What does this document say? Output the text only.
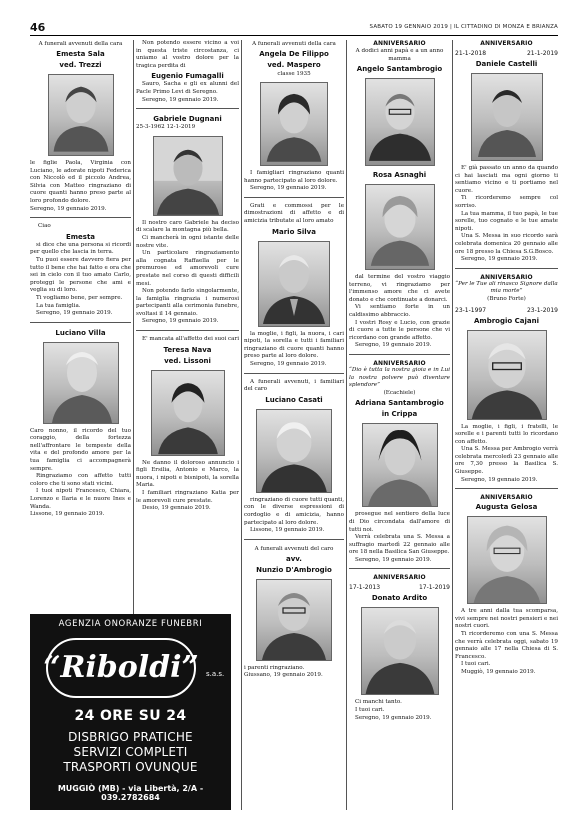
46	SABATO 19 GENNAIO 2019 | IL CITTADINO DI MONZA E BRIANZA
A funerali avvenuti della cara
Emesta Sala
ved. Trezzi

le figlie Paola, Virginia con Luciano, le adorate nipoti Federica con Niccolò ed il piccolo Andrea, Silvia con Matteo ringraziano di cuore quanti hanno preso parte al loro profondo dolore.

Seregno, 19 gennaio 2019.

Ciao

Emesta

si dice che una persona si ricordi per quello che lascia in terra.

Tu puoi essere davvero fiera per tutto il bene che hai fatto e ora che sei in cielo con il tuo amato Carlo, proteggi le persone che ami e veglia su di loro.

Ti vogliamo bene, per sempre.

La tua famiglia.

Seregno, 19 gennaio 2019.

Luciano Villa

Caro nonno, il ricordo del tuo coraggio, della fortezza nell'affrontare le tempeste della vita e del profondo amore per la tua famiglia ci accompagnerà sempre.

Ringraziamo con affetto tutti coloro che ti sono stati vicini.

I tuoi nipoti Francesco, Chiara, Lorenzo e Ilaria e le nuore Ines e Wanda.

Lissone, 19 gennaio 2019.

Non potendo essere vicino a voi in questa triste circostanza, ci uniamo al vostro dolore per la tragica perdita di

Eugenio Fumagalli

Sauro, Sacha e gli ex alunni del Pacle Primo Levi di Seregno.

Seregno, 19 gennaio 2019.

Gabriele Dugnani
25-3-1962 12-1-2019

Il nostro caro Gabriele ha deciso di scalare la montagna più bella.

Ci mancherà in ogni istante delle nostre vite.

Un particolare ringraziamento alla cognata Raffaella per le premurose ed amorevoli cure prestate nel corso di questi difficili mesi.

Non potendo farlo singolarmente, la famiglia ringrazia i numerosi partecipanti alla cerimonia funebre, svoltasi il 14 gennaio.

Seregno, 19 gennaio 2019.

E' mancata all'affetto dei suoi cari

Teresa Nava
ved. Lissoni

Ne danno il doloroso annuncio i figli Ersilia, Antonio e Marco, la nuora, i nipoti e bisnipoti, la sorella Maria.

I familiari ringraziano Katia per le amorevoli cure prestate.

Desio, 19 gennaio 2019.

A funerali avvenuti della cara
Angela De Filippo
ved. Maspero
classe 1935

I famigliari ringraziano quanti hanno partecipato al loro dolore.

Seregno, 19 gennaio 2019.

Grati e commossi per le dimostrazioni di affetto e di amicizia tributate al loro amato

Mario Silva

la moglie, i figli, la nuora, i cari nipoti, la sorella e tutti i familiari ringraziano di cuore quanti hanno preso parte al loro dolore.

Seregno, 19 gennaio 2019.

A funerali avvenuti, i familiari del caro

Luciano Casati

ringraziano di cuore tutti quanti, con le diverse espressioni di cordoglio e di amicizia, hanno partecipato al loro dolore.

Lissone, 19 gennaio 2019.

A funerali avvenuti del caro
avv.
Nunzio D'Ambrogio

i parenti ringraziano.

Giussano, 19 gennaio 2019.

ANNIVERSARIO
A dodici anni papà e a un anno mamma
Angelo Santambrogio
Rosa Asnaghi

dal termine del vostro viaggio terreno, vi ringraziamo per l'immenso amore che ci avete donato e che continuate a donarci.

Vi sentiamo forte in un caldissimo abbraccio.

I vostri Rosy e Lucio, con grazie di cuore a tutte le persone che vi ricordano con grande affetto.

Seregno, 19 gennaio 2019.

ANNIVERSARIO

“Dio è tutta la nostra gioia e in Lui la nostra polvere può diventare splendore”

(Ecachiele)

Adriana Santambrogio
in Crippa

prosegue nel sentiero della luce di Dio circondata dall'amore di tutti noi.

Verrà celebrata una S. Messa a suffragio martedì 22 gennaio alle ore 18 nella Basilica San Giuseppe.

Seregno, 19 gennaio 2019.

ANNIVERSARIO
17-1-2013	17-1-2019
Donato Ardito

Ci manchi tanto.

I tuoi cari.

Seregno, 19 gennaio 2019.

ANNIVERSARIO
21-1-2018	21-1-2019
Daniele Castelli

E' già passato un anno da quando ci hai lasciati ma ogni giorno ti sentiamo vicino e ti portiamo nel cuore.

Ti ricorderemo sempre col sorriso.

La tua mamma, il tuo papà, le tue sorelle, tuo cognato e le tue amate nipoti.

Una S. Messa in suo ricordo sarà celebrata domenica 20 gennaio alle ore 18 presso la Chiesa S.G.Bosco.

Seregno, 19 gennaio 2019.

ANNIVERSARIO

“Per le Tue ali rinasco Signore dalla mia morte”

(Bruno Forte)

23-1-1997	23-1-2019
Ambrogio Cajani

La moglie, i figli, i fratelli, le sorelle e i parenti tutti lo ricordano con affetto.

Una S. Messa per Ambrogio verrà celebrata mercoledì 23 gennaio alle ore 7,30 presso la Basilica S. Giuseppe.

Seregno, 19 gennaio 2019.

ANNIVERSARIO
Augusta Gelosa

A tre anni dalla tua scomparsa, vivi sempre nei nostri pensieri e nei nostri cuori.

Ti ricorderemo con una S. Messa che verrà celebrata oggi, sabato 19 gennaio alle 17 nella Chiesa di S. Francesco.

I tuoi cari.

Muggiò, 19 gennaio 2019.

AGENZIA ONORANZE FUNEBRI
“Riboldi” s.a.s.
24 ORE SU 24
DISBRIGO PRATICHE
SERVIZI COMPLETI
TRASPORTI OVUNQUE
MUGGIÒ (MB) - via Libertà, 2/A - 039.2782684
